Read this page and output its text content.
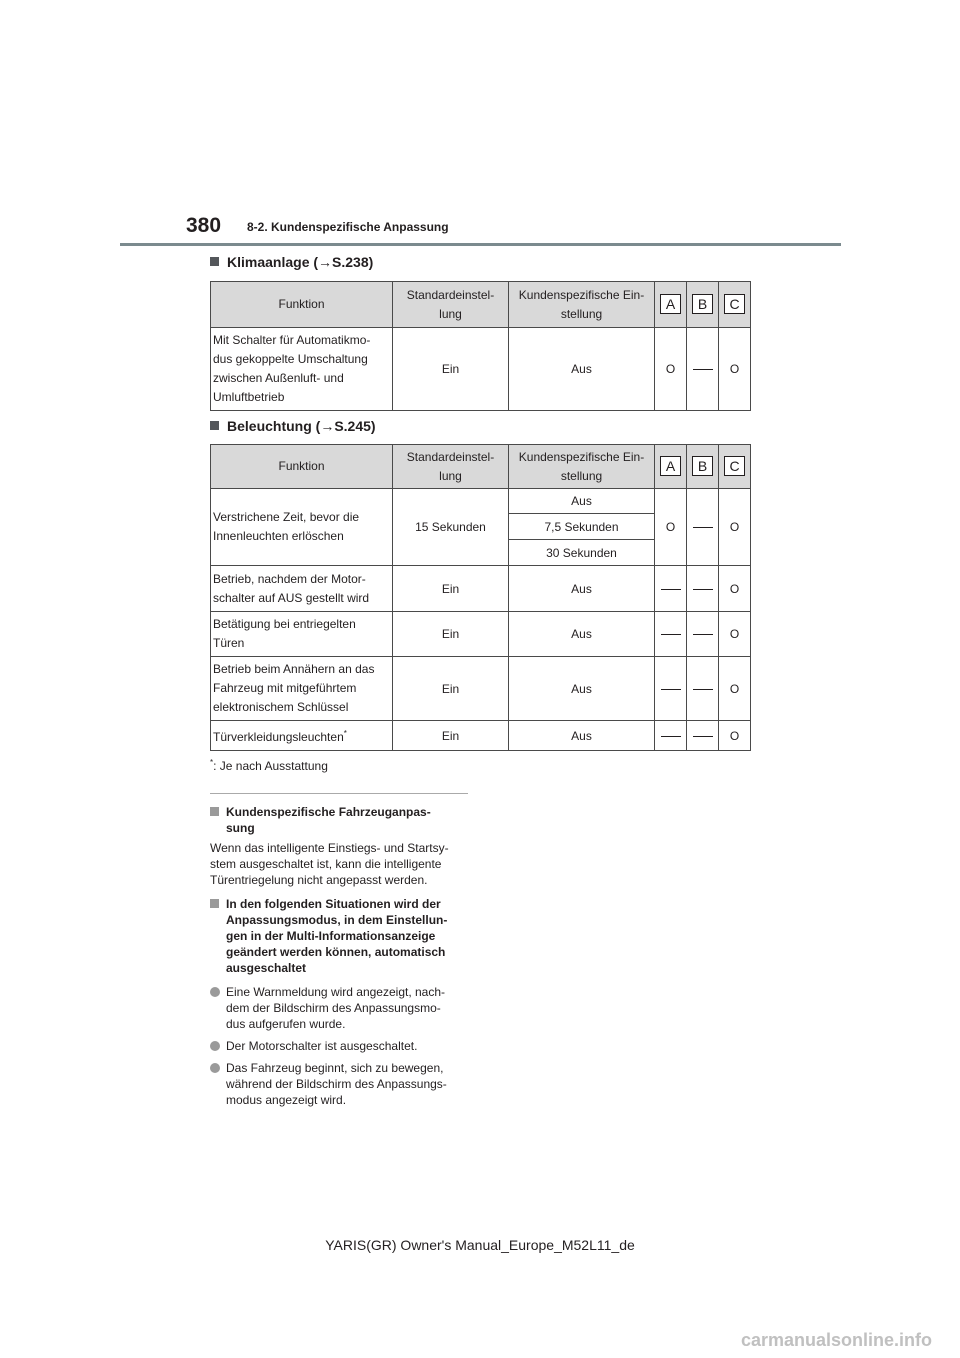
380 8-2. Kundenspezifische Anpassung
Klimaanlage (→S.238)
Funktion	Standardeinstel-
lung	Kundenspezifische Ein-
stellung	A	B	C
Mit Schalter für Automatikmo-
dus gekoppelte Umschaltung
zwischen Außenluft- und
Umluftbetrieb	Ein	Aus	O		O
Beleuchtung (→S.245)
Funktion	Standardeinstel-
lung	Kundenspezifische Ein-
stellung	A	B	C
Verstrichene Zeit, bevor die
Innenleuchten erlöschen	15 Sekunden	Aus	O		O
		7,5 Sekunden			
		30 Sekunden			
Betrieb, nachdem der Motor-
schalter auf AUS gestellt wird	Ein	Aus			O
Betätigung bei entriegelten
Türen	Ein	Aus			O
Betrieb beim Annähern an das
Fahrzeug mit mitgeführtem
elektronischem Schlüssel	Ein	Aus			O
Türverkleidungsleuchten*	Ein	Aus			O
*: Je nach Ausstattung
Kundenspezifische Fahrzeuganpas-
sung
Wenn das intelligente Einstiegs- und Startsy-
stem ausgeschaltet ist, kann die intelligente
Türentriegelung nicht angepasst werden.
In den folgenden Situationen wird der
Anpassungsmodus, in dem Einstellun-
gen in der Multi-Informationsanzeige
geändert werden können, automatisch
ausgeschaltet
Eine Warnmeldung wird angezeigt, nach-
dem der Bildschirm des Anpassungsmo-
dus aufgerufen wurde.
Der Motorschalter ist ausgeschaltet.
Das Fahrzeug beginnt, sich zu bewegen,
während der Bildschirm des Anpassungs-
modus angezeigt wird.
YARIS(GR) Owner's Manual_Europe_M52L11_de
carmanualsonline.info
